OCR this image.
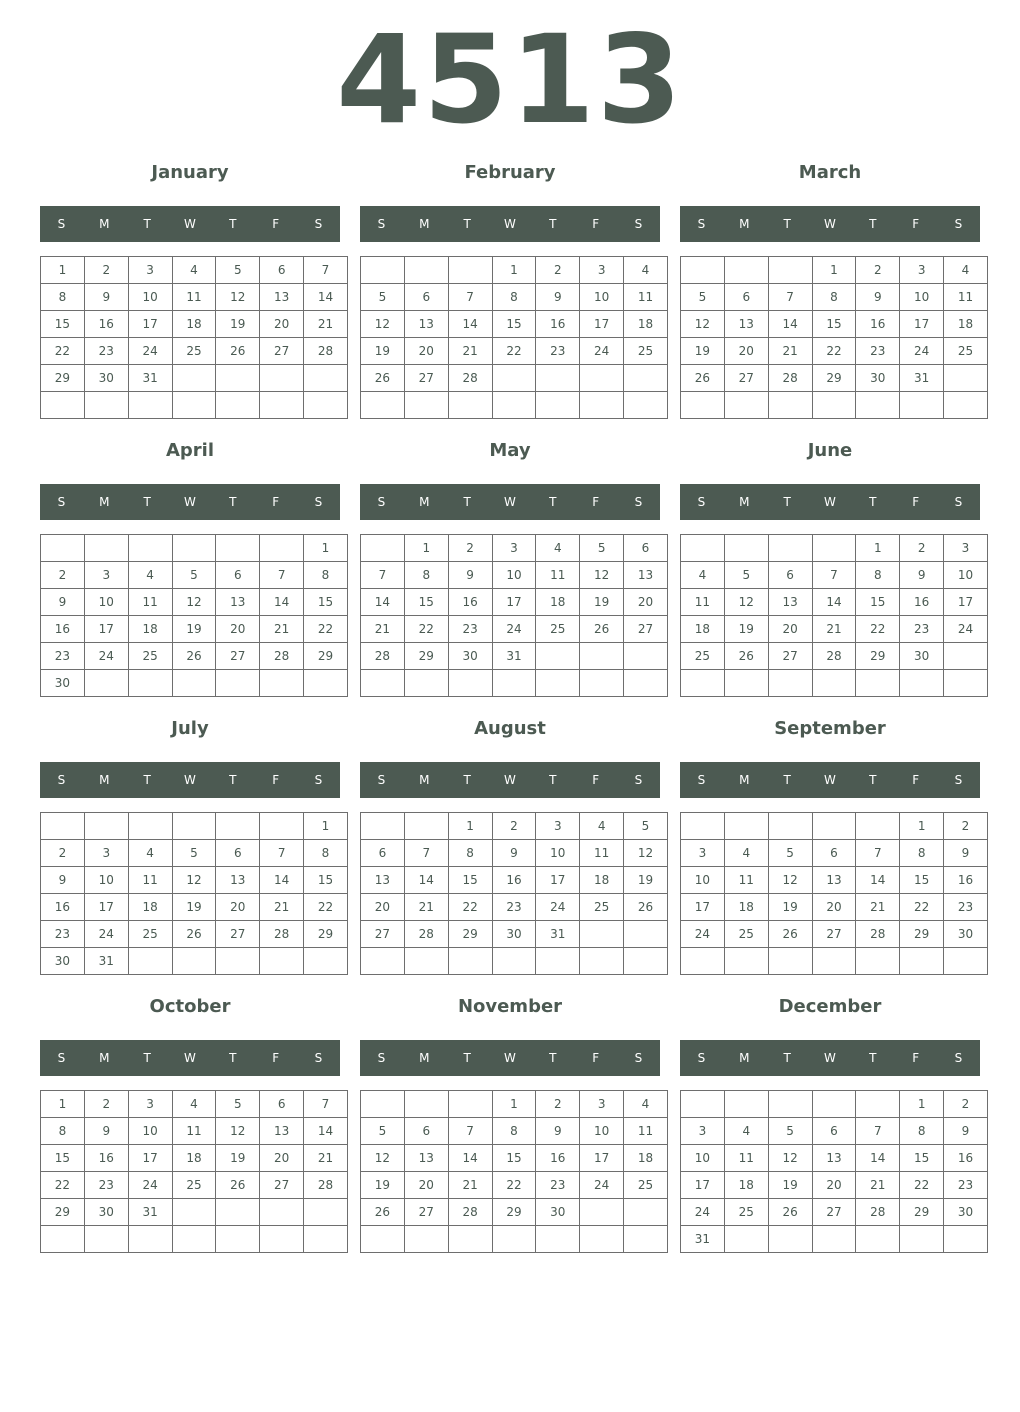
4513
January
S	M	T	W	T	F	S
1	2	3	4	5	6	7
8	9	10	11	12	13	14
15	16	17	18	19	20	21
22	23	24	25	26	27	28
29	30	31				

February
S	M	T	W	T	F	S
			1	2	3	4
5	6	7	8	9	10	11
12	13	14	15	16	17	18
19	20	21	22	23	24	25
26	27	28				

March
S	M	T	W	T	F	S
			1	2	3	4
5	6	7	8	9	10	11
12	13	14	15	16	17	18
19	20	21	22	23	24	25
26	27	28	29	30	31	

April
S	M	T	W	T	F	S
						1
2	3	4	5	6	7	8
9	10	11	12	13	14	15
16	17	18	19	20	21	22
23	24	25	26	27	28	29
30						
May
S	M	T	W	T	F	S
	1	2	3	4	5	6
7	8	9	10	11	12	13
14	15	16	17	18	19	20
21	22	23	24	25	26	27
28	29	30	31			

June
S	M	T	W	T	F	S
				1	2	3
4	5	6	7	8	9	10
11	12	13	14	15	16	17
18	19	20	21	22	23	24
25	26	27	28	29	30	

July
S	M	T	W	T	F	S
						1
2	3	4	5	6	7	8
9	10	11	12	13	14	15
16	17	18	19	20	21	22
23	24	25	26	27	28	29
30	31					
August
S	M	T	W	T	F	S
		1	2	3	4	5
6	7	8	9	10	11	12
13	14	15	16	17	18	19
20	21	22	23	24	25	26
27	28	29	30	31		

September
S	M	T	W	T	F	S
					1	2
3	4	5	6	7	8	9
10	11	12	13	14	15	16
17	18	19	20	21	22	23
24	25	26	27	28	29	30

October
S	M	T	W	T	F	S
1	2	3	4	5	6	7
8	9	10	11	12	13	14
15	16	17	18	19	20	21
22	23	24	25	26	27	28
29	30	31				

November
S	M	T	W	T	F	S
			1	2	3	4
5	6	7	8	9	10	11
12	13	14	15	16	17	18
19	20	21	22	23	24	25
26	27	28	29	30		

December
S	M	T	W	T	F	S
					1	2
3	4	5	6	7	8	9
10	11	12	13	14	15	16
17	18	19	20	21	22	23
24	25	26	27	28	29	30
31						
